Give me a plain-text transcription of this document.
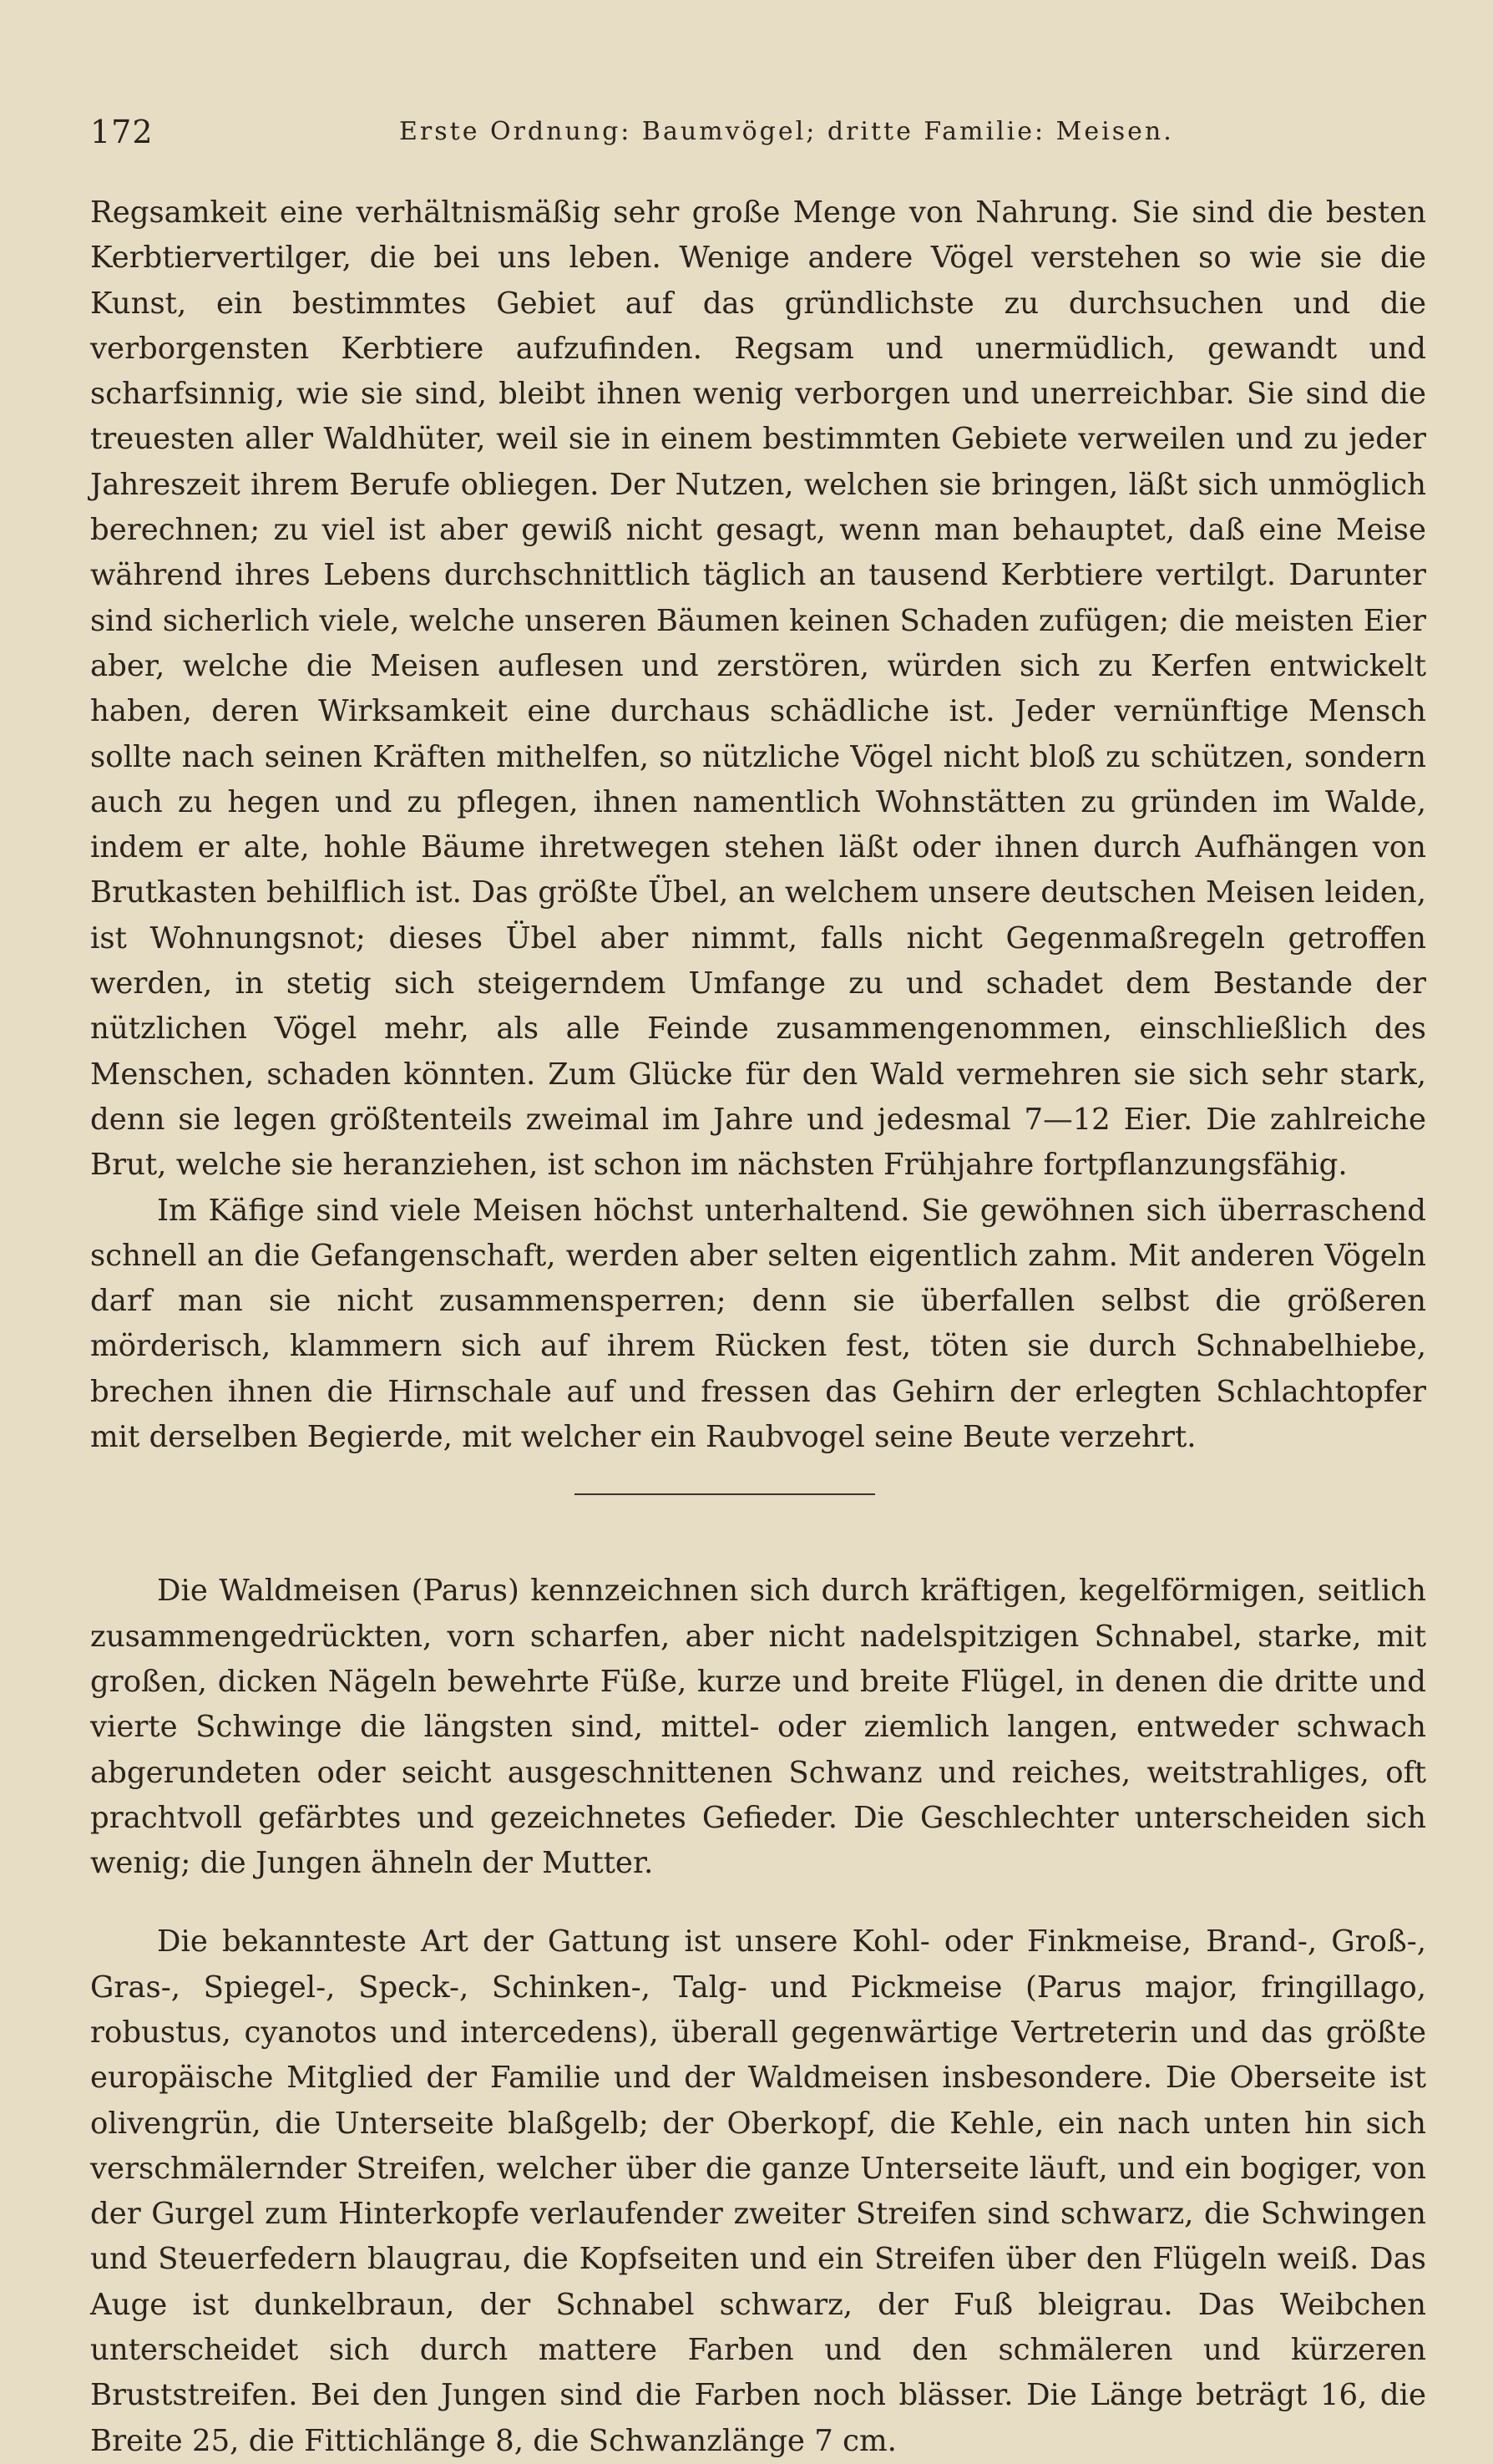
172	Erste Ordnung: Baumvögel; dritte Familie: Meisen.

Regsamkeit eine verhältnismäßig sehr große Menge von Nahrung. Sie sind die besten Kerbtiervertilger, die bei uns leben. Wenige andere Vögel verstehen so wie sie die Kunst, ein bestimmtes Gebiet auf das gründlichste zu durchsuchen und die verborgensten Kerbtiere aufzufinden. Regsam und unermüdlich, gewandt und scharfsinnig, wie sie sind, bleibt ihnen wenig verborgen und unerreichbar. Sie sind die treuesten aller Waldhüter, weil sie in einem bestimmten Gebiete verweilen und zu jeder Jahreszeit ihrem Berufe obliegen. Der Nutzen, welchen sie bringen, läßt sich unmöglich berechnen; zu viel ist aber gewiß nicht gesagt, wenn man behauptet, daß eine Meise während ihres Lebens durchschnittlich täglich an tausend Kerbtiere vertilgt. Darunter sind sicherlich viele, welche unseren Bäumen keinen Schaden zufügen; die meisten Eier aber, welche die Meisen auflesen und zerstören, würden sich zu Kerfen entwickelt haben, deren Wirksamkeit eine durchaus schädliche ist. Jeder vernünftige Mensch sollte nach seinen Kräften mithelfen, so nützliche Vögel nicht bloß zu schützen, sondern auch zu hegen und zu pflegen, ihnen namentlich Wohnstätten zu gründen im Walde, indem er alte, hohle Bäume ihretwegen stehen läßt oder ihnen durch Aufhängen von Brutkasten behilflich ist. Das größte Übel, an welchem unsere deutschen Meisen leiden, ist Wohnungsnot; dieses Übel aber nimmt, falls nicht Gegenmaßregeln getroffen werden, in stetig sich steigerndem Umfange zu und schadet dem Bestande der nützlichen Vögel mehr, als alle Feinde zusammengenommen, einschließlich des Menschen, schaden könnten. Zum Glücke für den Wald vermehren sie sich sehr stark, denn sie legen größtenteils zweimal im Jahre und jedesmal 7—12 Eier. Die zahlreiche Brut, welche sie heranziehen, ist schon im nächsten Frühjahre fortpflanzungsfähig.

Im Käfige sind viele Meisen höchst unterhaltend. Sie gewöhnen sich überraschend schnell an die Gefangenschaft, werden aber selten eigentlich zahm. Mit anderen Vögeln darf man sie nicht zusammensperren; denn sie überfallen selbst die größeren mörderisch, klammern sich auf ihrem Rücken fest, töten sie durch Schnabelhiebe, brechen ihnen die Hirnschale auf und fressen das Gehirn der erlegten Schlachtopfer mit derselben Begierde, mit welcher ein Raubvogel seine Beute verzehrt.

Die Waldmeisen (Parus) kennzeichnen sich durch kräftigen, kegelförmigen, seitlich zusammengedrückten, vorn scharfen, aber nicht nadelspitzigen Schnabel, starke, mit großen, dicken Nägeln bewehrte Füße, kurze und breite Flügel, in denen die dritte und vierte Schwinge die längsten sind, mittel- oder ziemlich langen, entweder schwach abgerundeten oder seicht ausgeschnittenen Schwanz und reiches, weitstrahliges, oft prachtvoll gefärbtes und gezeichnetes Gefieder. Die Geschlechter unterscheiden sich wenig; die Jungen ähneln der Mutter.

Die bekannteste Art der Gattung ist unsere Kohl- oder Finkmeise, Brand-, Groß-, Gras-, Spiegel-, Speck-, Schinken-, Talg- und Pickmeise (Parus major, fringillago, robustus, cyanotos und intercedens), überall gegenwärtige Vertreterin und das größte europäische Mitglied der Familie und der Waldmeisen insbesondere. Die Oberseite ist olivengrün, die Unterseite blaßgelb; der Oberkopf, die Kehle, ein nach unten hin sich verschmälernder Streifen, welcher über die ganze Unterseite läuft, und ein bogiger, von der Gurgel zum Hinterkopfe verlaufender zweiter Streifen sind schwarz, die Schwingen und Steuerfedern blaugrau, die Kopfseiten und ein Streifen über den Flügeln weiß. Das Auge ist dunkelbraun, der Schnabel schwarz, der Fuß bleigrau. Das Weibchen unterscheidet sich durch mattere Farben und den schmäleren und kürzeren Bruststreifen. Bei den Jungen sind die Farben noch blässer. Die Länge beträgt 16, die Breite 25, die Fittichlänge 8, die Schwanzlänge 7 cm.
